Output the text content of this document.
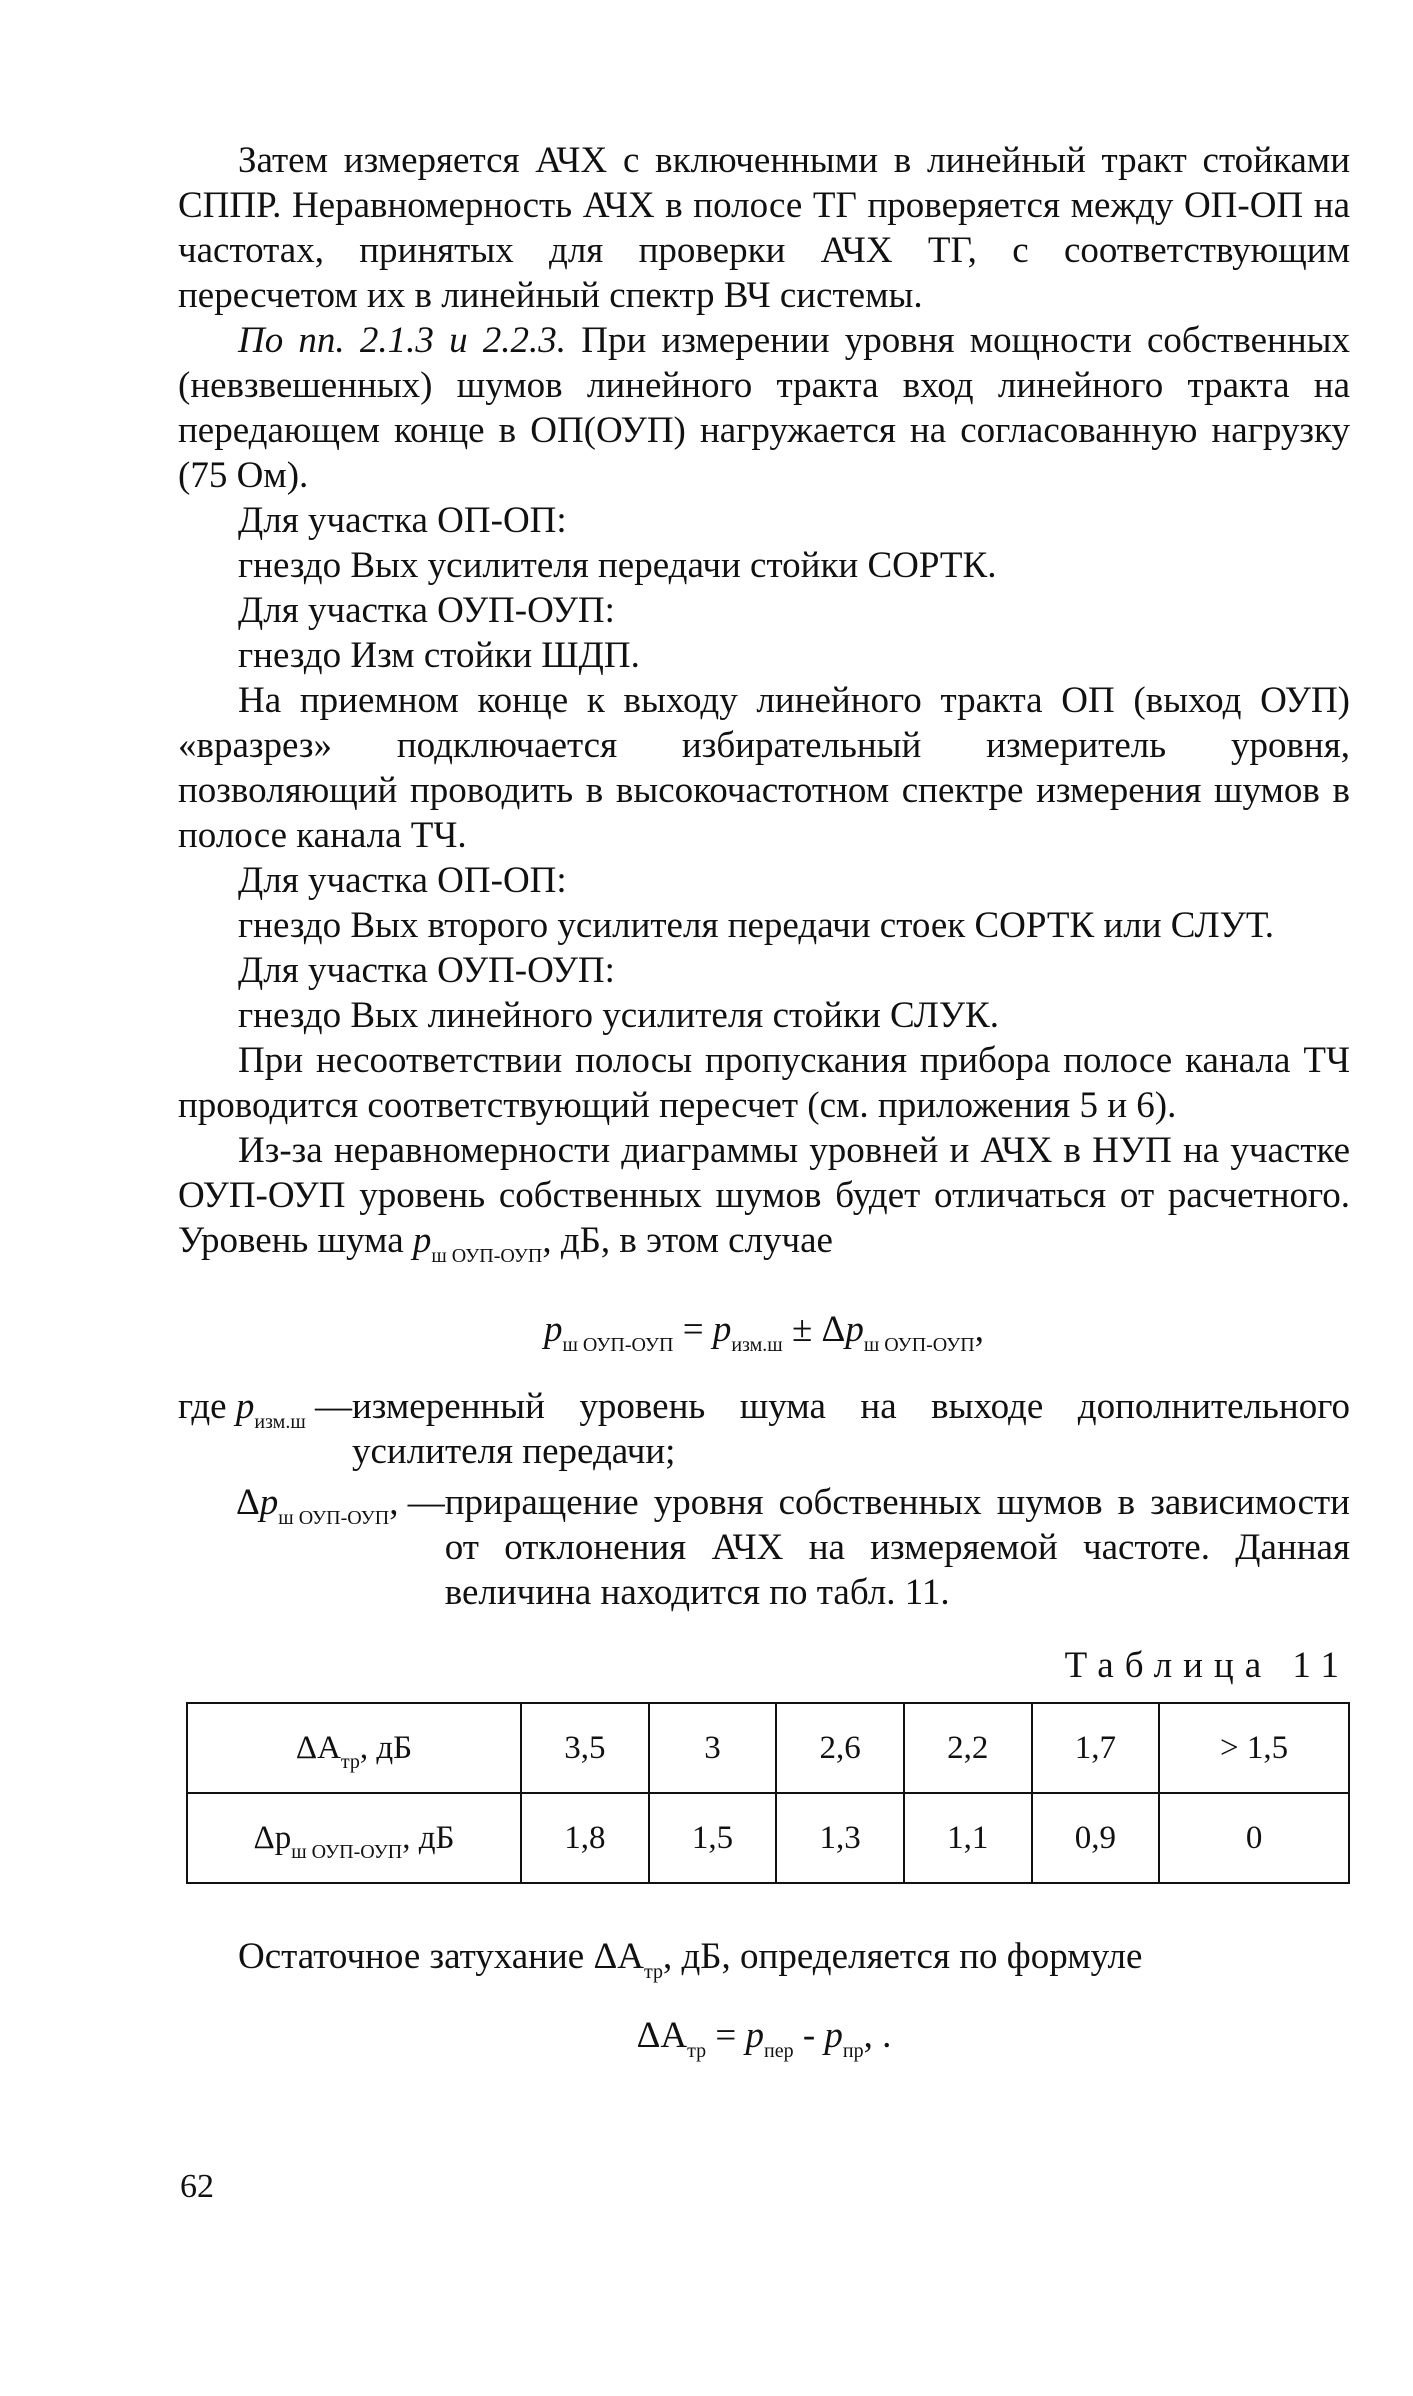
Затем измеряется АЧХ с включенными в линейный тракт стойками СППР. Неравномерность АЧХ в полосе ТГ проверяется между ОП-ОП на частотах, принятых для проверки АЧХ ТГ, с соответствующим пересчетом их в линейный спектр ВЧ системы.

По пп. 2.1.3 и 2.2.3. При измерении уровня мощности собственных (невзвешенных) шумов линейного тракта вход линейного тракта на передающем конце в ОП(ОУП) нагружается на согласованную нагрузку (75 Ом).

Для участка ОП-ОП:

гнездо Вых усилителя передачи стойки СОРТК.

Для участка ОУП-ОУП:

гнездо Изм стойки ШДП.

На приемном конце к выходу линейного тракта ОП (выход ОУП) «вразрез» подключается избирательный измеритель уровня, позволяющий проводить в высокочастотном спектре измерения шумов в полосе канала ТЧ.

Для участка ОП-ОП:

гнездо Вых второго усилителя передачи стоек СОРТК или СЛУТ.

Для участка ОУП-ОУП:

гнездо Вых линейного усилителя стойки СЛУК.

При несоответствии полосы пропускания прибора полосе канала ТЧ проводится соответствующий пересчет (см. приложения 5 и 6).

Из-за неравномерности диаграммы уровней и АЧХ в НУП на участке ОУП-ОУП уровень собственных шумов будет отличаться от расчетного. Уровень шума $p_{ш ОУП-ОУП}$, дБ, в этом случае

$p_{ш ОУП-ОУП} = p_{изм.ш} \pm \Delta p_{ш ОУП-ОУП}$,
где $p_{изм.ш}$ — измеренный уровень шума на выходе дополнительного усилителя передачи;
$\Delta p_{ш ОУП-ОУП}$, — приращение уровня собственных шумов в зависимости от отклонения АЧХ на измеряемой частоте. Данная величина находится по табл. 11.
Таблица 11
$\Delta А_{тр}$, дБ	3,5	3	2,6	2,2	1,7	> 1,5
$\Delta p_{ш ОУП-ОУП}$, дБ	1,8	1,5	1,3	1,1	0,9	0

Остаточное затухание $\Delta А_{тр}$, дБ, определяется по формуле

$\Delta А_{тр} = p_{пер} - p_{пр}$, .
62
